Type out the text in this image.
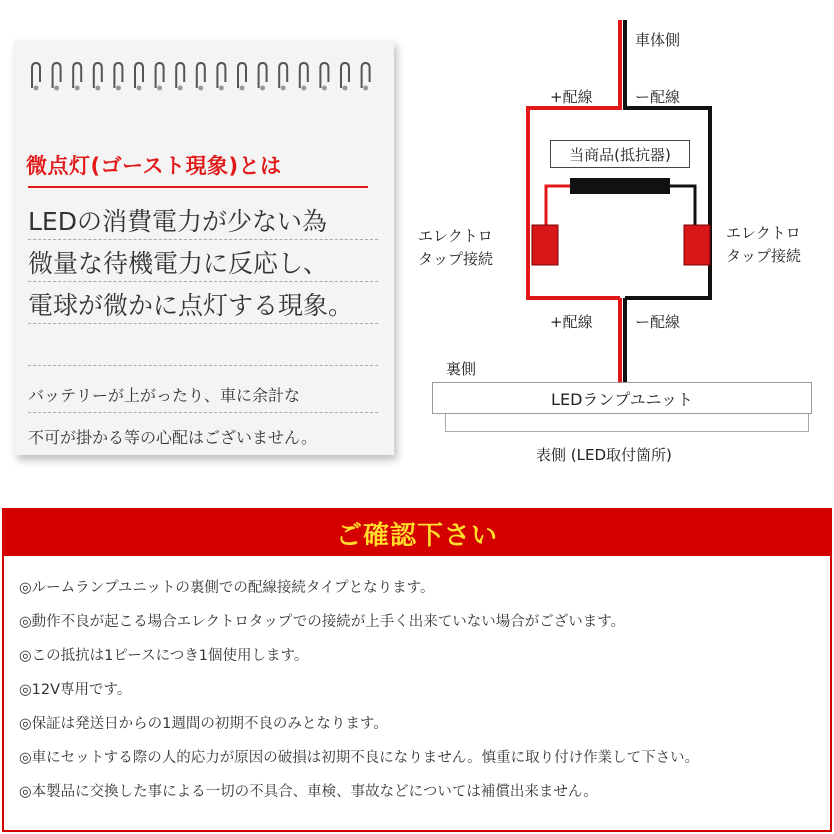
微点灯(ゴースト現象)とは
LEDの消費電力が少ない為
微量な待機電力に反応し、
電球が微かに点灯する現象。
バッテリーが上がったり、車に余計な
不可が掛かる等の心配はございません。
車体側
+配線	ー配線
当商品(抵抗器)
エレクトロ
タップ接続
エレクトロ
タップ接続
+配線	ー配線
裏側
LEDランプユニット
表側 (LED取付箇所)
ご確認下さい
◎ルームランプユニットの裏側での配線接続タイプとなります。
◎動作不良が起こる場合エレクトロタップでの接続が上手く出来ていない場合がございます。
◎この抵抗は1ピースにつき1個使用します。
◎12V専用です。
◎保証は発送日からの1週間の初期不良のみとなります。
◎車にセットする際の人的応力が原因の破損は初期不良になりません。慎重に取り付け作業して下さい。
◎本製品に交換した事による一切の不具合、車検、事故などについては補償出来ません。
